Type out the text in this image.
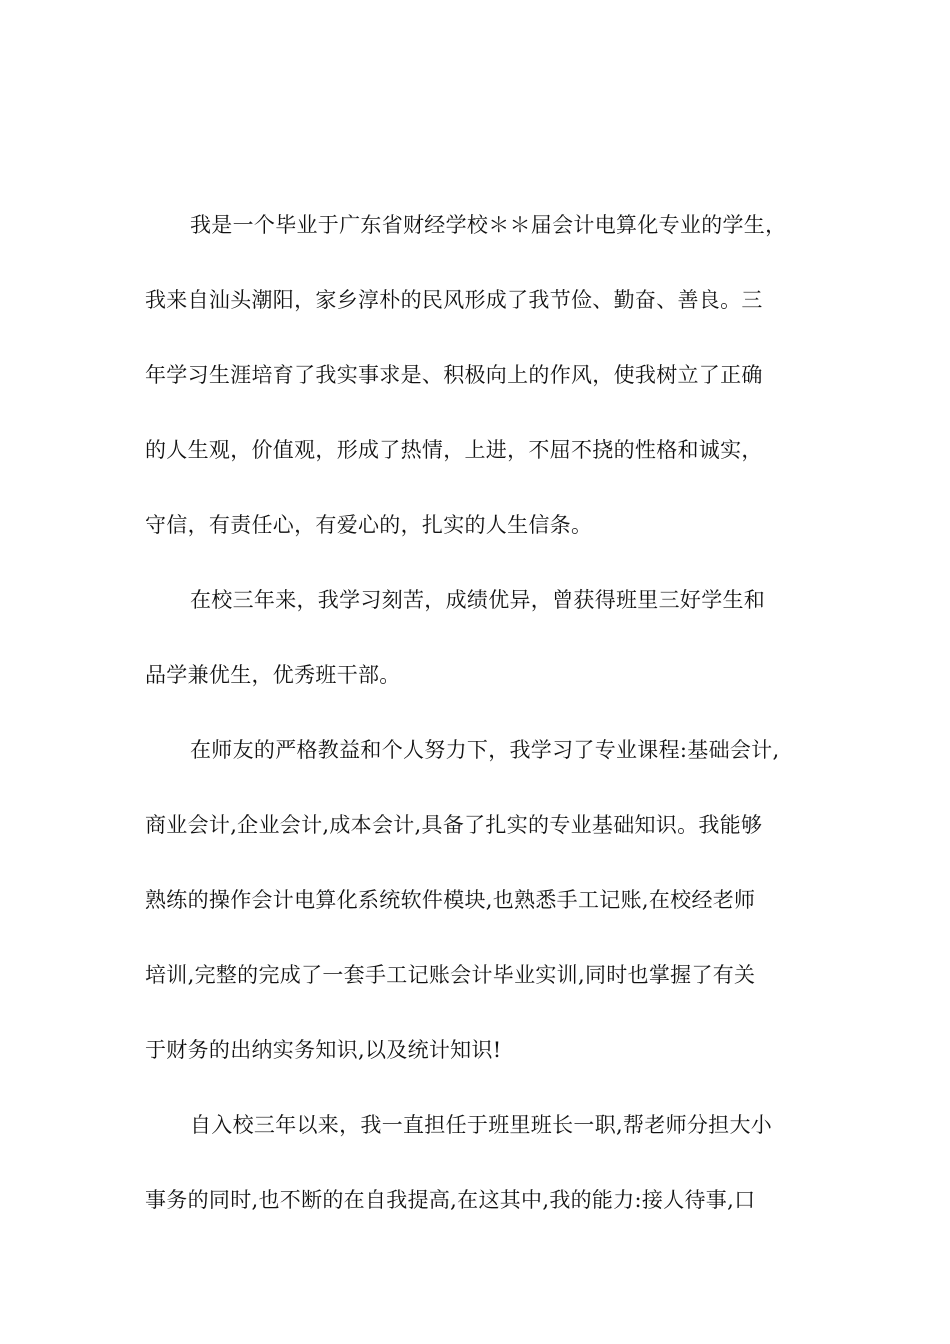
我是一个毕业于广东省财经学校＊＊届会计电算化专业的学生，
我来自汕头潮阳，家乡淳朴的民风形成了我节俭、勤奋、善良。三
年学习生涯培育了我实事求是、积极向上的作风，使我树立了正确
的人生观，价值观，形成了热情，上进，不屈不挠的性格和诚实，
守信，有责任心，有爱心的，扎实的人生信条。
在校三年来，我学习刻苦，成绩优异，曾获得班里三好学生和
品学兼优生，优秀班干部。
在师友的严格教益和个人努力下，我学习了专业课程:基础会计,
商业会计,企业会计,成本会计,具备了扎实的专业基础知识。我能够
熟练的操作会计电算化系统软件模块,也熟悉手工记账,在校经老师
培训,完整的完成了一套手工记账会计毕业实训,同时也掌握了有关
于财务的出纳实务知识,以及统计知识!
自入校三年以来，我一直担任于班里班长一职,帮老师分担大小
事务的同时,也不断的在自我提高,在这其中,我的能力:接人待事,口
